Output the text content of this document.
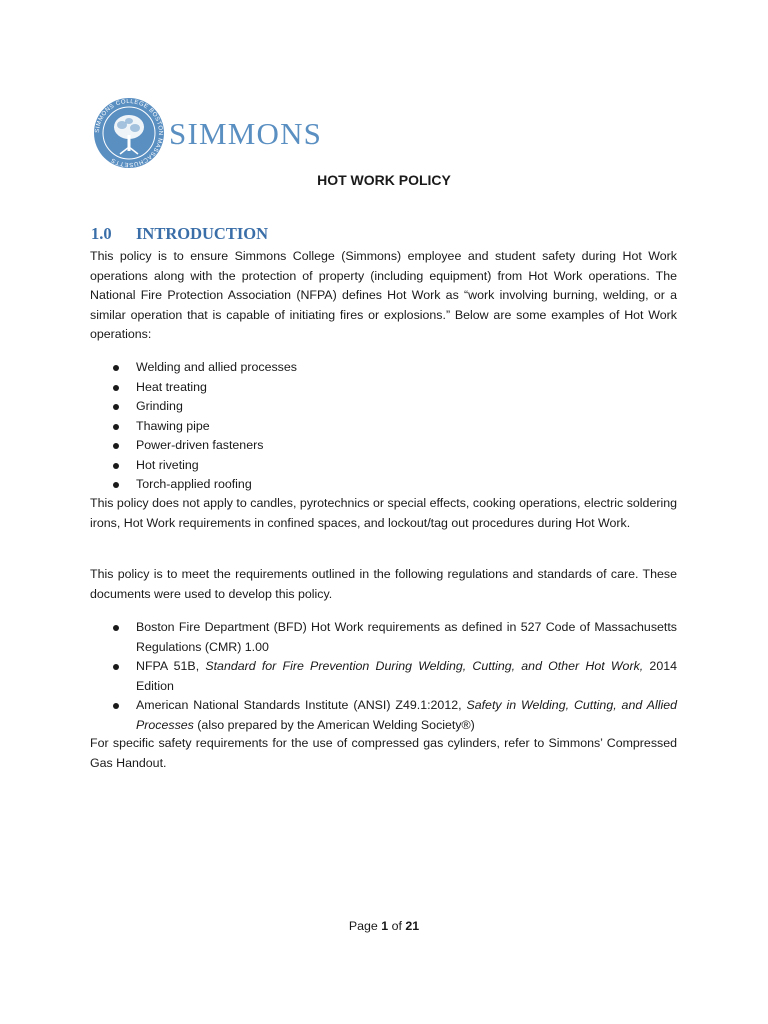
SIMMONS COLLEGE BOSTON MASSACHUSETTS
SIMMONS
HOT WORK POLICY
1.0 INTRODUCTION

This policy is to ensure Simmons College (Simmons) employee and student safety during Hot Work operations along with the protection of property (including equipment) from Hot Work operations. The National Fire Protection Association (NFPA) defines Hot Work as “work involving burning, welding, or a similar operation that is capable of initiating fires or explosions.” Below are some examples of Hot Work operations:

Welding and allied processes
Heat treating
Grinding
Thawing pipe
Power-driven fasteners
Hot riveting
Torch-applied roofing

This policy does not apply to candles, pyrotechnics or special effects, cooking operations, electric soldering irons, Hot Work requirements in confined spaces, and lockout/tag out procedures during Hot Work.

This policy is to meet the requirements outlined in the following regulations and standards of care. These documents were used to develop this policy.

Boston Fire Department (BFD) Hot Work requirements as defined in 527 Code of Massachusetts Regulations (CMR) 1.00
NFPA 51B, Standard for Fire Prevention During Welding, Cutting, and Other Hot Work, 2014 Edition
American National Standards Institute (ANSI) Z49.1:2012, Safety in Welding, Cutting, and Allied Processes (also prepared by the American Welding Society®)

For specific safety requirements for the use of compressed gas cylinders, refer to Simmons’ Compressed Gas Handout.

Page 1 of 21
